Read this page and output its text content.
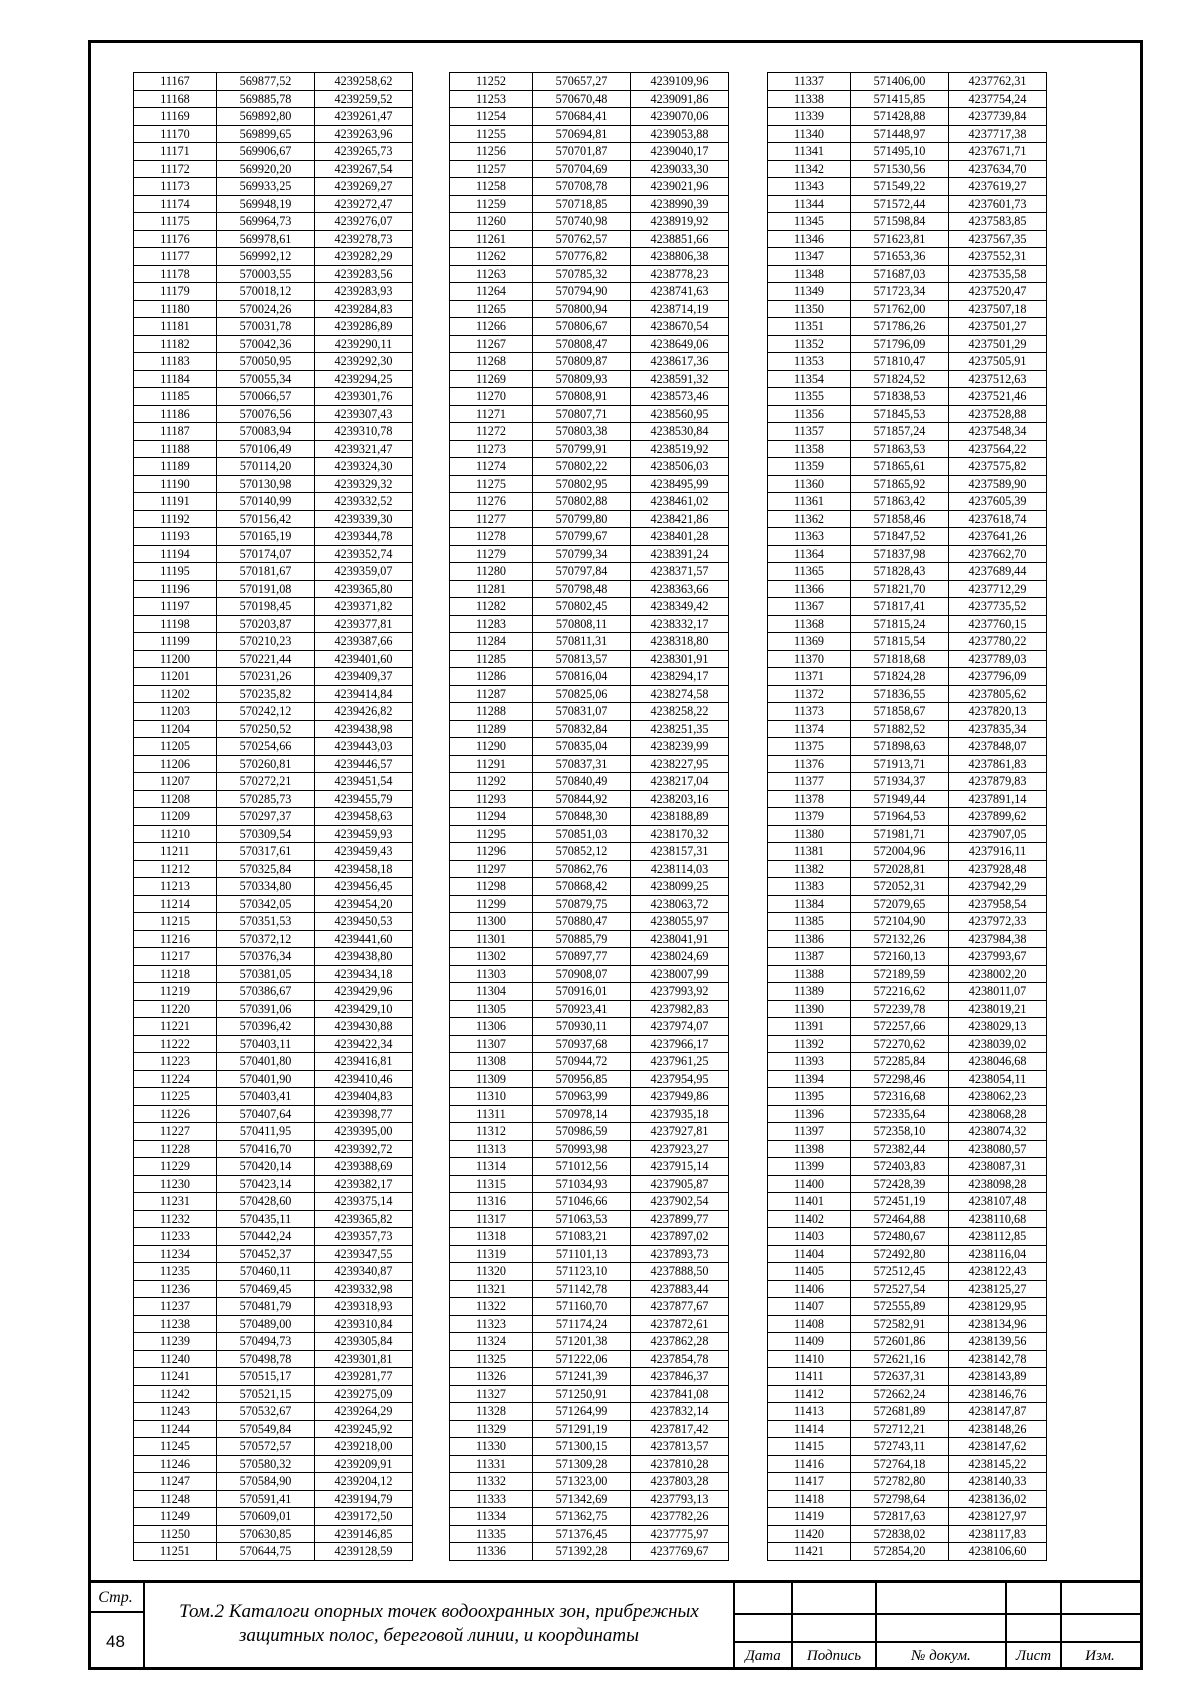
11167	569877,52	4239258,62
11168	569885,78	4239259,52
11169	569892,80	4239261,47
11170	569899,65	4239263,96
11171	569906,67	4239265,73
11172	569920,20	4239267,54
11173	569933,25	4239269,27
11174	569948,19	4239272,47
11175	569964,73	4239276,07
11176	569978,61	4239278,73
11177	569992,12	4239282,29
11178	570003,55	4239283,56
11179	570018,12	4239283,93
11180	570024,26	4239284,83
11181	570031,78	4239286,89
11182	570042,36	4239290,11
11183	570050,95	4239292,30
11184	570055,34	4239294,25
11185	570066,57	4239301,76
11186	570076,56	4239307,43
11187	570083,94	4239310,78
11188	570106,49	4239321,47
11189	570114,20	4239324,30
11190	570130,98	4239329,32
11191	570140,99	4239332,52
11192	570156,42	4239339,30
11193	570165,19	4239344,78
11194	570174,07	4239352,74
11195	570181,67	4239359,07
11196	570191,08	4239365,80
11197	570198,45	4239371,82
11198	570203,87	4239377,81
11199	570210,23	4239387,66
11200	570221,44	4239401,60
11201	570231,26	4239409,37
11202	570235,82	4239414,84
11203	570242,12	4239426,82
11204	570250,52	4239438,98
11205	570254,66	4239443,03
11206	570260,81	4239446,57
11207	570272,21	4239451,54
11208	570285,73	4239455,79
11209	570297,37	4239458,63
11210	570309,54	4239459,93
11211	570317,61	4239459,43
11212	570325,84	4239458,18
11213	570334,80	4239456,45
11214	570342,05	4239454,20
11215	570351,53	4239450,53
11216	570372,12	4239441,60
11217	570376,34	4239438,80
11218	570381,05	4239434,18
11219	570386,67	4239429,96
11220	570391,06	4239429,10
11221	570396,42	4239430,88
11222	570403,11	4239422,34
11223	570401,80	4239416,81
11224	570401,90	4239410,46
11225	570403,41	4239404,83
11226	570407,64	4239398,77
11227	570411,95	4239395,00
11228	570416,70	4239392,72
11229	570420,14	4239388,69
11230	570423,14	4239382,17
11231	570428,60	4239375,14
11232	570435,11	4239365,82
11233	570442,24	4239357,73
11234	570452,37	4239347,55
11235	570460,11	4239340,87
11236	570469,45	4239332,98
11237	570481,79	4239318,93
11238	570489,00	4239310,84
11239	570494,73	4239305,84
11240	570498,78	4239301,81
11241	570515,17	4239281,77
11242	570521,15	4239275,09
11243	570532,67	4239264,29
11244	570549,84	4239245,92
11245	570572,57	4239218,00
11246	570580,32	4239209,91
11247	570584,90	4239204,12
11248	570591,41	4239194,79
11249	570609,01	4239172,50
11250	570630,85	4239146,85
11251	570644,75	4239128,59
11252	570657,27	4239109,96
11253	570670,48	4239091,86
11254	570684,41	4239070,06
11255	570694,81	4239053,88
11256	570701,87	4239040,17
11257	570704,69	4239033,30
11258	570708,78	4239021,96
11259	570718,85	4238990,39
11260	570740,98	4238919,92
11261	570762,57	4238851,66
11262	570776,82	4238806,38
11263	570785,32	4238778,23
11264	570794,90	4238741,63
11265	570800,94	4238714,19
11266	570806,67	4238670,54
11267	570808,47	4238649,06
11268	570809,87	4238617,36
11269	570809,93	4238591,32
11270	570808,91	4238573,46
11271	570807,71	4238560,95
11272	570803,38	4238530,84
11273	570799,91	4238519,92
11274	570802,22	4238506,03
11275	570802,95	4238495,99
11276	570802,88	4238461,02
11277	570799,80	4238421,86
11278	570799,67	4238401,28
11279	570799,34	4238391,24
11280	570797,84	4238371,57
11281	570798,48	4238363,66
11282	570802,45	4238349,42
11283	570808,11	4238332,17
11284	570811,31	4238318,80
11285	570813,57	4238301,91
11286	570816,04	4238294,17
11287	570825,06	4238274,58
11288	570831,07	4238258,22
11289	570832,84	4238251,35
11290	570835,04	4238239,99
11291	570837,31	4238227,95
11292	570840,49	4238217,04
11293	570844,92	4238203,16
11294	570848,30	4238188,89
11295	570851,03	4238170,32
11296	570852,12	4238157,31
11297	570862,76	4238114,03
11298	570868,42	4238099,25
11299	570879,75	4238063,72
11300	570880,47	4238055,97
11301	570885,79	4238041,91
11302	570897,77	4238024,69
11303	570908,07	4238007,99
11304	570916,01	4237993,92
11305	570923,41	4237982,83
11306	570930,11	4237974,07
11307	570937,68	4237966,17
11308	570944,72	4237961,25
11309	570956,85	4237954,95
11310	570963,99	4237949,86
11311	570978,14	4237935,18
11312	570986,59	4237927,81
11313	570993,98	4237923,27
11314	571012,56	4237915,14
11315	571034,93	4237905,87
11316	571046,66	4237902,54
11317	571063,53	4237899,77
11318	571083,21	4237897,02
11319	571101,13	4237893,73
11320	571123,10	4237888,50
11321	571142,78	4237883,44
11322	571160,70	4237877,67
11323	571174,24	4237872,61
11324	571201,38	4237862,28
11325	571222,06	4237854,78
11326	571241,39	4237846,37
11327	571250,91	4237841,08
11328	571264,99	4237832,14
11329	571291,19	4237817,42
11330	571300,15	4237813,57
11331	571309,28	4237810,28
11332	571323,00	4237803,28
11333	571342,69	4237793,13
11334	571362,75	4237782,26
11335	571376,45	4237775,97
11336	571392,28	4237769,67
11337	571406,00	4237762,31
11338	571415,85	4237754,24
11339	571428,88	4237739,84
11340	571448,97	4237717,38
11341	571495,10	4237671,71
11342	571530,56	4237634,70
11343	571549,22	4237619,27
11344	571572,44	4237601,73
11345	571598,84	4237583,85
11346	571623,81	4237567,35
11347	571653,36	4237552,31
11348	571687,03	4237535,58
11349	571723,34	4237520,47
11350	571762,00	4237507,18
11351	571786,26	4237501,27
11352	571796,09	4237501,29
11353	571810,47	4237505,91
11354	571824,52	4237512,63
11355	571838,53	4237521,46
11356	571845,53	4237528,88
11357	571857,24	4237548,34
11358	571863,53	4237564,22
11359	571865,61	4237575,82
11360	571865,92	4237589,90
11361	571863,42	4237605,39
11362	571858,46	4237618,74
11363	571847,52	4237641,26
11364	571837,98	4237662,70
11365	571828,43	4237689,44
11366	571821,70	4237712,29
11367	571817,41	4237735,52
11368	571815,24	4237760,15
11369	571815,54	4237780,22
11370	571818,68	4237789,03
11371	571824,28	4237796,09
11372	571836,55	4237805,62
11373	571858,67	4237820,13
11374	571882,52	4237835,34
11375	571898,63	4237848,07
11376	571913,71	4237861,83
11377	571934,37	4237879,83
11378	571949,44	4237891,14
11379	571964,53	4237899,62
11380	571981,71	4237907,05
11381	572004,96	4237916,11
11382	572028,81	4237928,48
11383	572052,31	4237942,29
11384	572079,65	4237958,54
11385	572104,90	4237972,33
11386	572132,26	4237984,38
11387	572160,13	4237993,67
11388	572189,59	4238002,20
11389	572216,62	4238011,07
11390	572239,78	4238019,21
11391	572257,66	4238029,13
11392	572270,62	4238039,02
11393	572285,84	4238046,68
11394	572298,46	4238054,11
11395	572316,68	4238062,23
11396	572335,64	4238068,28
11397	572358,10	4238074,32
11398	572382,44	4238080,57
11399	572403,83	4238087,31
11400	572428,39	4238098,28
11401	572451,19	4238107,48
11402	572464,88	4238110,68
11403	572480,67	4238112,85
11404	572492,80	4238116,04
11405	572512,45	4238122,43
11406	572527,54	4238125,27
11407	572555,89	4238129,95
11408	572582,91	4238134,96
11409	572601,86	4238139,56
11410	572621,16	4238142,78
11411	572637,31	4238143,89
11412	572662,24	4238146,76
11413	572681,89	4238147,87
11414	572712,21	4238148,26
11415	572743,11	4238147,62
11416	572764,18	4238145,22
11417	572782,80	4238140,33
11418	572798,64	4238136,02
11419	572817,63	4238127,97
11420	572838,02	4238117,83
11421	572854,20	4238106,60
Стр.
48
Том.2 Каталоги опорных точек водоохранных зон, прибрежных
защитных полос, береговой линии, и координаты
Дата	Подпись	№ докум.	Лист	Изм.
